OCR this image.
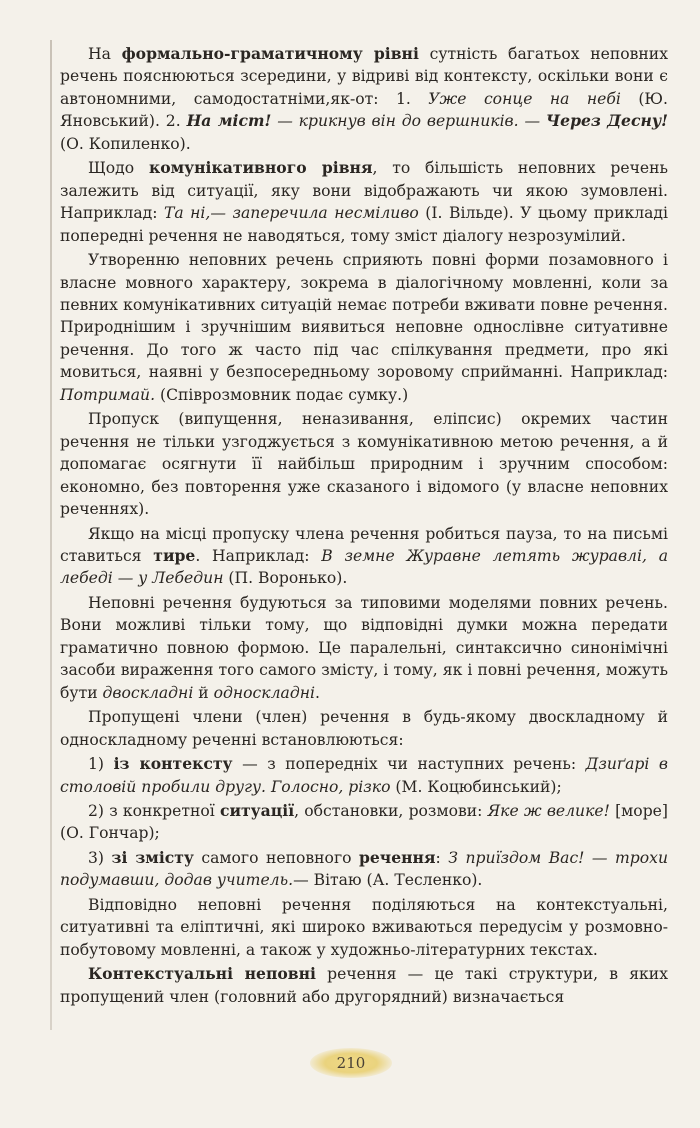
На формально-граматичному рівні сутність багатьох неповних речень пояснюються зсередини, у відриві від контексту, оскільки вони є автономними, самодостатніми,як-от: 1. Уже сонце на небі (Ю. Яновський). 2. На міст! — крикнув він до вершників. — Через Десну! (О. Копиленко).

Щодо комунікативного рівня, то більшість неповних речень залежить від ситуації, яку вони відображають чи якою зумовлені. Наприклад: Та ні,— заперечила несміливо (І. Вільде). У цьому прикладі попередні речення не наводяться, тому зміст діалогу незрозумілий.

Утворенню неповних речень сприяють повні форми позамовного і власне мовного характеру, зокрема в діалогічному мовленні, коли за певних комунікативних ситуацій немає потреби вживати повне речення. Природнішим і зручнішим виявиться неповне однослівне ситуативне речення. До того ж часто під час спілкування предмети, про які мовиться, наявні у безпосередньому зоровому сприйманні. Наприклад: Потримай. (Співрозмовник подає сумку.)

Пропуск (випущення, неназивання, еліпсис) окремих частин речення не тільки узгоджується з комунікативною метою речення, а й допомагає осягнути її найбільш природним і зручним способом: економно, без повторення уже сказаного і відомого (у власне неповних реченнях).

Якщо на місці пропуску члена речення робиться пауза, то на письмі ставиться тире. Наприклад: В земне Журавне летять журавлі, а лебеді — у Лебедин (П. Воронько).

Неповні речення будуються за типовими моделями повних речень. Вони можливі тільки тому, що відповідні думки можна передати граматично повною формою. Це паралельні, синтаксично синонімічні засоби вираження того самого змісту, і тому, як і повні речення, можуть бути двоскладні й односкладні.

Пропущені члени (член) речення в будь-якому двоскладному й односкладному реченні встановлюються:

1) із контексту — з попередніх чи наступних речень: Дзиґарі в столовій пробили другу. Голосно, різко (М. Коцюбинський);

2) з конкретної ситуації, обстановки, розмови: Яке ж велике! [море] (О. Гончар);

3) зі змісту самого неповного речення: З приїздом Вас! — трохи подумавши, додав учитель.— Вітаю (А. Тесленко).

Відповідно неповні речення поділяються на контекстуальні, ситуативні та еліптичні, які широко вживаються передусім у розмовно-побутовому мовленні, а також у художньо-літературних текстах.

Контекстуальні неповні речення — це такі структури, в яких пропущений член (головний або другорядний) визначається

210
